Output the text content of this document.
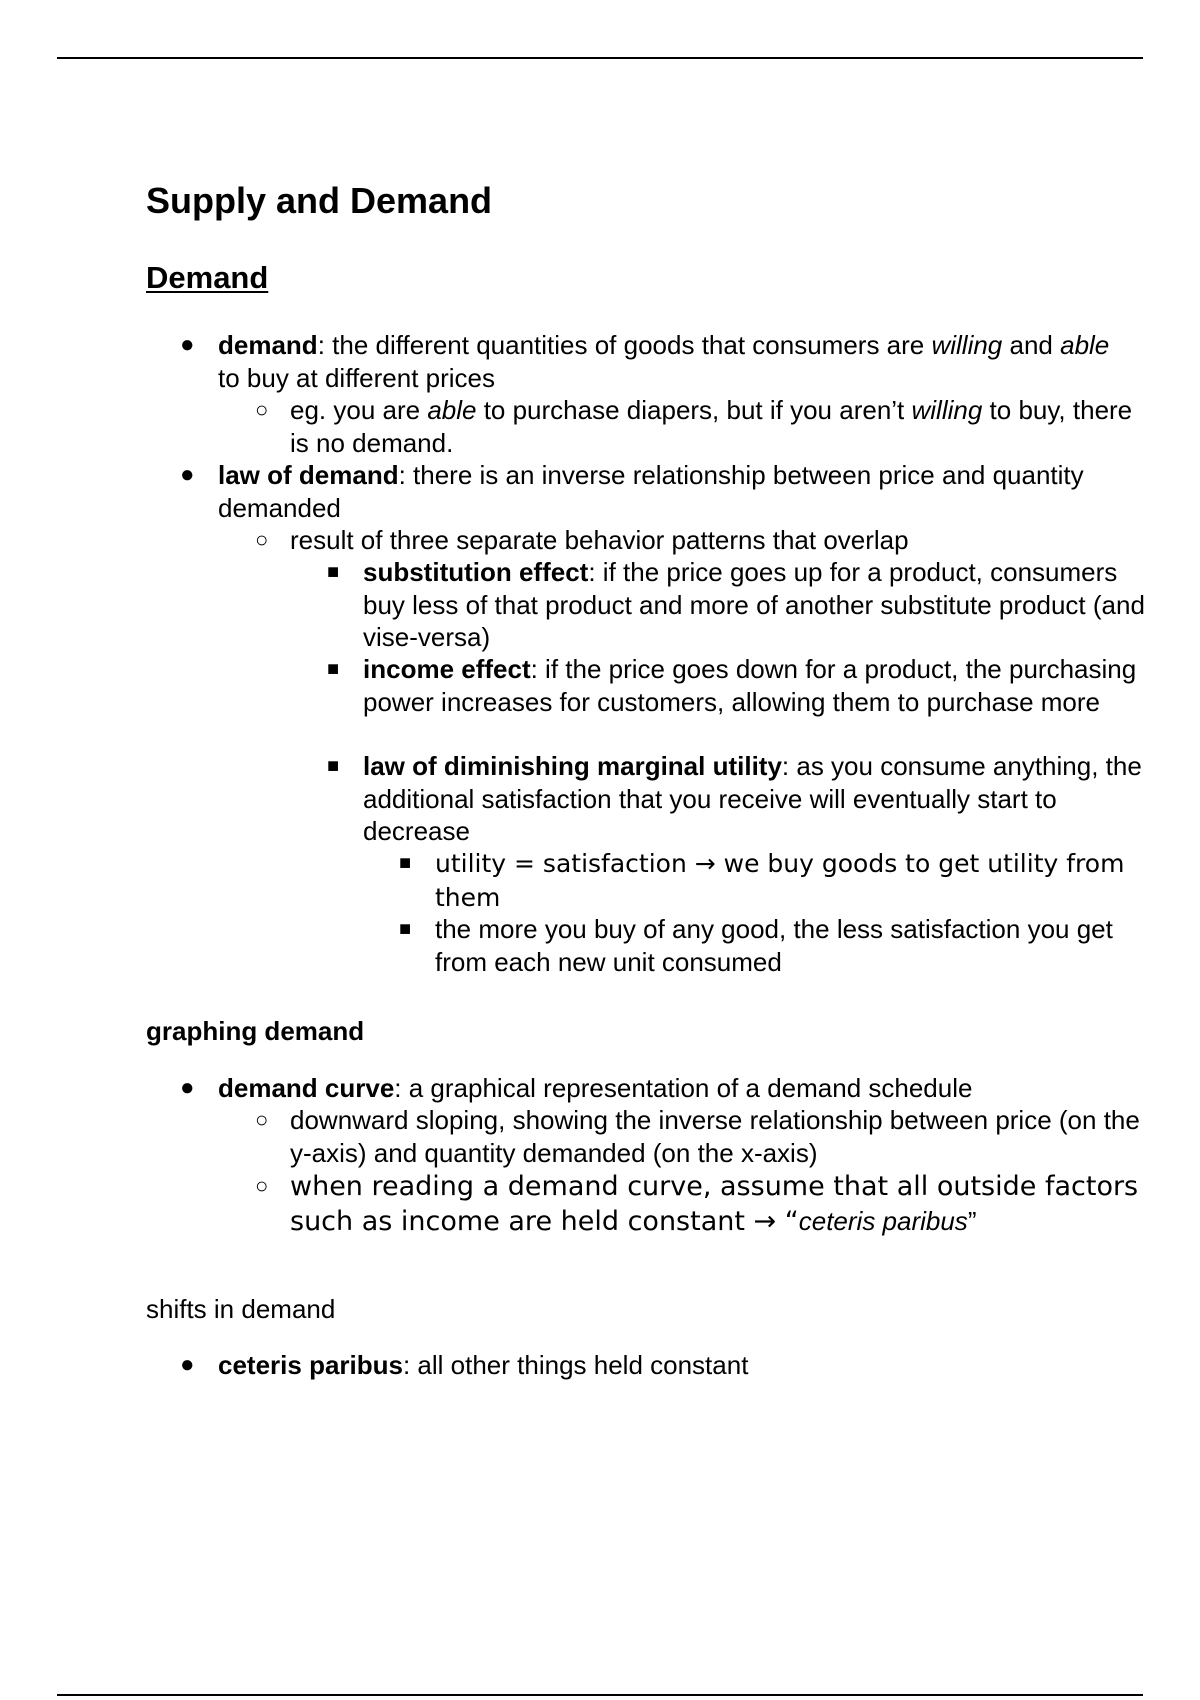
Supply and Demand
Demand
● demand: the different quantities of goods that consumers are willing and able to buy at different prices
○ eg. you are able to purchase diapers, but if you aren’t willing to buy, there is no demand.
● law of demand: there is an inverse relationship between price and quantity demanded
○ result of three separate behavior patterns that overlap
■ substitution effect: if the price goes up for a product, consumers buy less of that product and more of another substitute product (and vise-versa)
■ income effect: if the price goes down for a product, the purchasing power increases for customers, allowing them to purchase more
■ law of diminishing marginal utility: as you consume anything, the additional satisfaction that you receive will eventually start to decrease
■ utility = satisfaction → we buy goods to get utility from them
■ the more you buy of any good, the less satisfaction you get from each new unit consumed
graphing demand
● demand curve: a graphical representation of a demand schedule
○ downward sloping, showing the inverse relationship between price (on the y-axis) and quantity demanded (on the x-axis)
○ when reading a demand curve, assume that all outside factors such as income are held constant → “ceteris paribus”
shifts in demand
● ceteris paribus: all other things held constant
